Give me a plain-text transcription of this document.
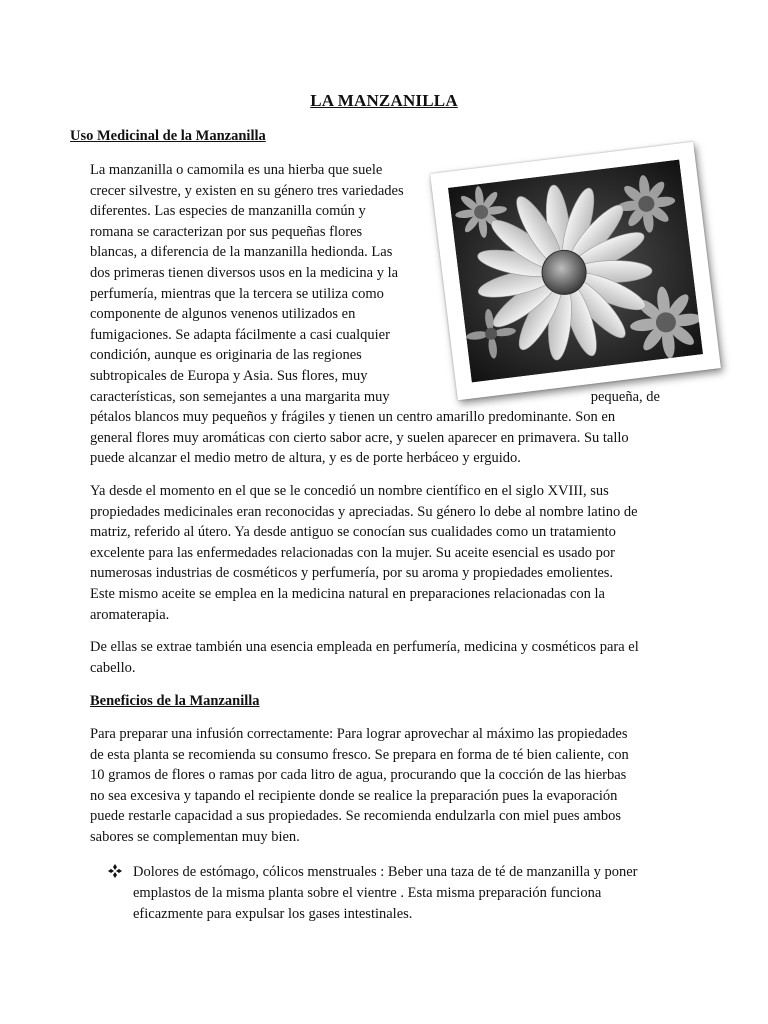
LA MANZANILLA
Uso Medicinal de la Manzanilla
La manzanilla o camomila es una hierba que suele
crecer silvestre, y existen en su género tres variedades
diferentes. Las especies de manzanilla común y
romana se caracterizan por sus pequeñas flores
blancas, a diferencia de la manzanilla hedionda. Las
dos primeras tienen diversos usos en la medicina y la
perfumería, mientras que la tercera se utiliza como
componente de algunos venenos utilizados en
fumigaciones. Se adapta fácilmente a casi cualquier
condición, aunque es originaria de las regiones
subtropicales de Europa y Asia. Sus flores, muy
características, son semejantes a una margarita muy	pequeña, de
pétalos blancos muy pequeños y frágiles y tienen un centro amarillo predominante. Son en
general flores muy aromáticas con cierto sabor acre, y suelen aparecer en primavera. Su tallo
puede alcanzar el medio metro de altura, y es de porte herbáceo y erguido.
Ya desde el momento en el que se le concedió un nombre científico en el siglo XVIII, sus
propiedades medicinales eran reconocidas y apreciadas. Su género lo debe al nombre latino de
matriz, referido al útero. Ya desde antiguo se conocían sus cualidades como un tratamiento
excelente para las enfermedades relacionadas con la mujer. Su aceite esencial es usado por
numerosas industrias de cosméticos y perfumería, por su aroma y propiedades emolientes.
Este mismo aceite se emplea en la medicina natural en preparaciones relacionadas con la
aromaterapia.
De ellas se extrae también una esencia empleada en perfumería, medicina y cosméticos para el
cabello.
Beneficios de la Manzanilla
Para preparar una infusión correctamente: Para lograr aprovechar al máximo las propiedades
de esta planta se recomienda su consumo fresco. Se prepara en forma de té bien caliente, con
10 gramos de flores o ramas por cada litro de agua, procurando que la cocción de las hierbas
no sea excesiva y tapando el recipiente donde se realice la preparación pues la evaporación
puede restarle capacidad a sus propiedades. Se recomienda endulzarla con miel pues ambos
sabores se complementan muy bien.
Dolores de estómago, cólicos menstruales : Beber una taza de té de manzanilla y poner
emplastos de la misma planta sobre el vientre . Esta misma preparación funciona
eficazmente para expulsar los gases intestinales.
